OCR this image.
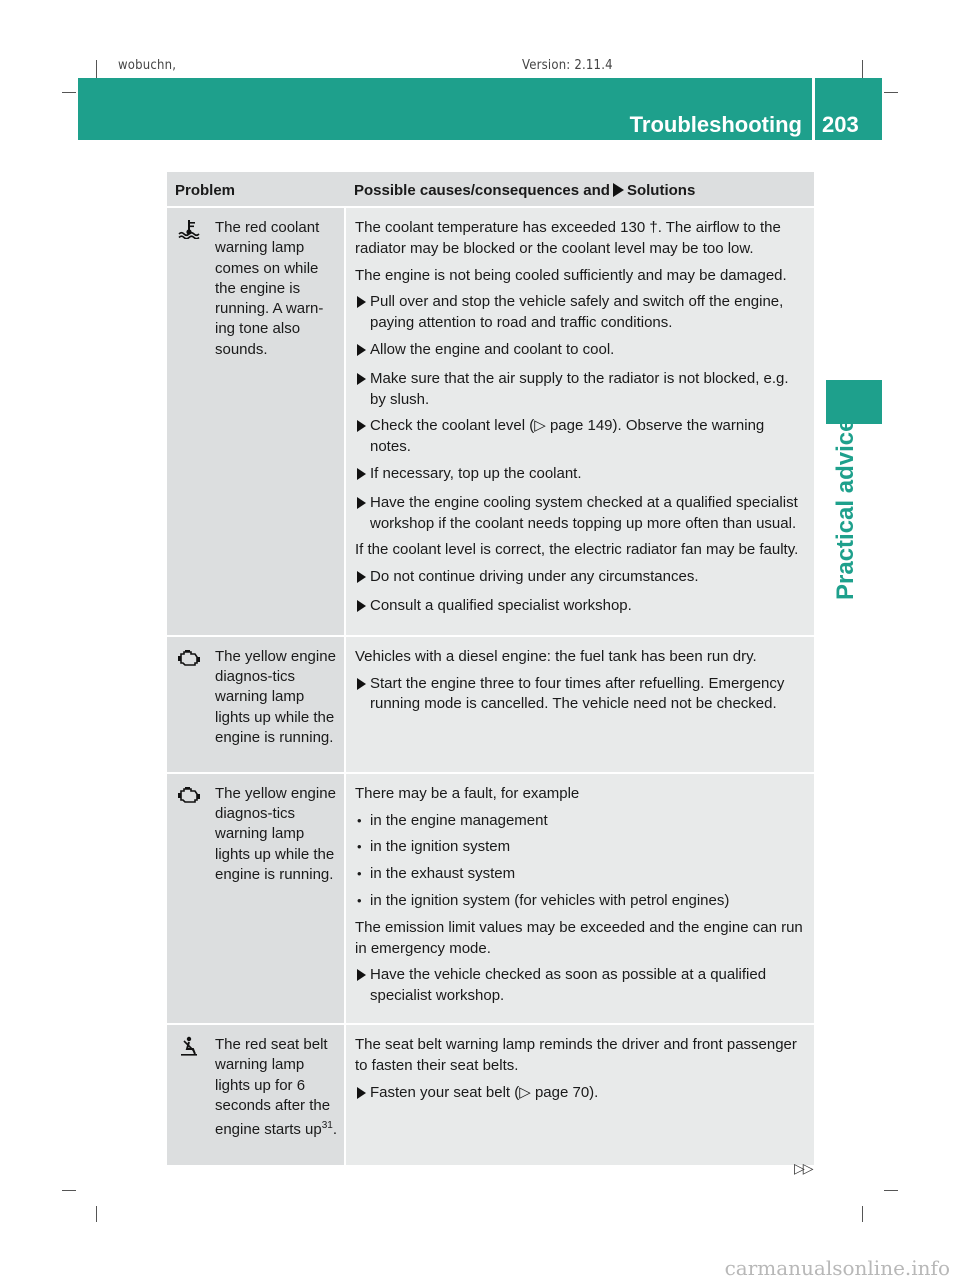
wobuchn,	Version: 2.11.4
Troubleshooting 203
Practical advice
Problem	Possible causes/consequences and Solutions
The red coolant warning lamp comes on while the engine is running. A warn-ing tone also sounds.
The coolant temperature has exceeded 130 †. The airflow to the radiator may be blocked or the coolant level may be too low.
The engine is not being cooled sufficiently and may be damaged.
Pull over and stop the vehicle safely and switch off the engine, paying attention to road and traffic conditions.
Allow the engine and coolant to cool.
Make sure that the air supply to the radiator is not blocked, e.g. by slush.
Check the coolant level (▷ page 149). Observe the warning notes.
If necessary, top up the coolant.
Have the engine cooling system checked at a qualified specialist workshop if the coolant needs topping up more often than usual.
If the coolant level is correct, the electric radiator fan may be faulty.
Do not continue driving under any circumstances.
Consult a qualified specialist workshop.
The yellow engine diagnos-tics warning lamp lights up while the engine is running.
Vehicles with a diesel engine: the fuel tank has been run dry.
Start the engine three to four times after refuelling. Emergency running mode is cancelled. The vehicle need not be checked.
The yellow engine diagnos-tics warning lamp lights up while the engine is running.
There may be a fault, for example
• in the engine management
• in the ignition system
• in the exhaust system
• in the ignition system (for vehicles with petrol engines)
The emission limit values may be exceeded and the engine can run in emergency mode.
Have the vehicle checked as soon as possible at a qualified specialist workshop.
The red seat belt warning lamp lights up for 6 seconds after the engine starts $up^{31}$.
The seat belt warning lamp reminds the driver and front passenger to fasten their seat belts.
Fasten your seat belt (▷ page 70).
▷▷
carmanualsonline.info
